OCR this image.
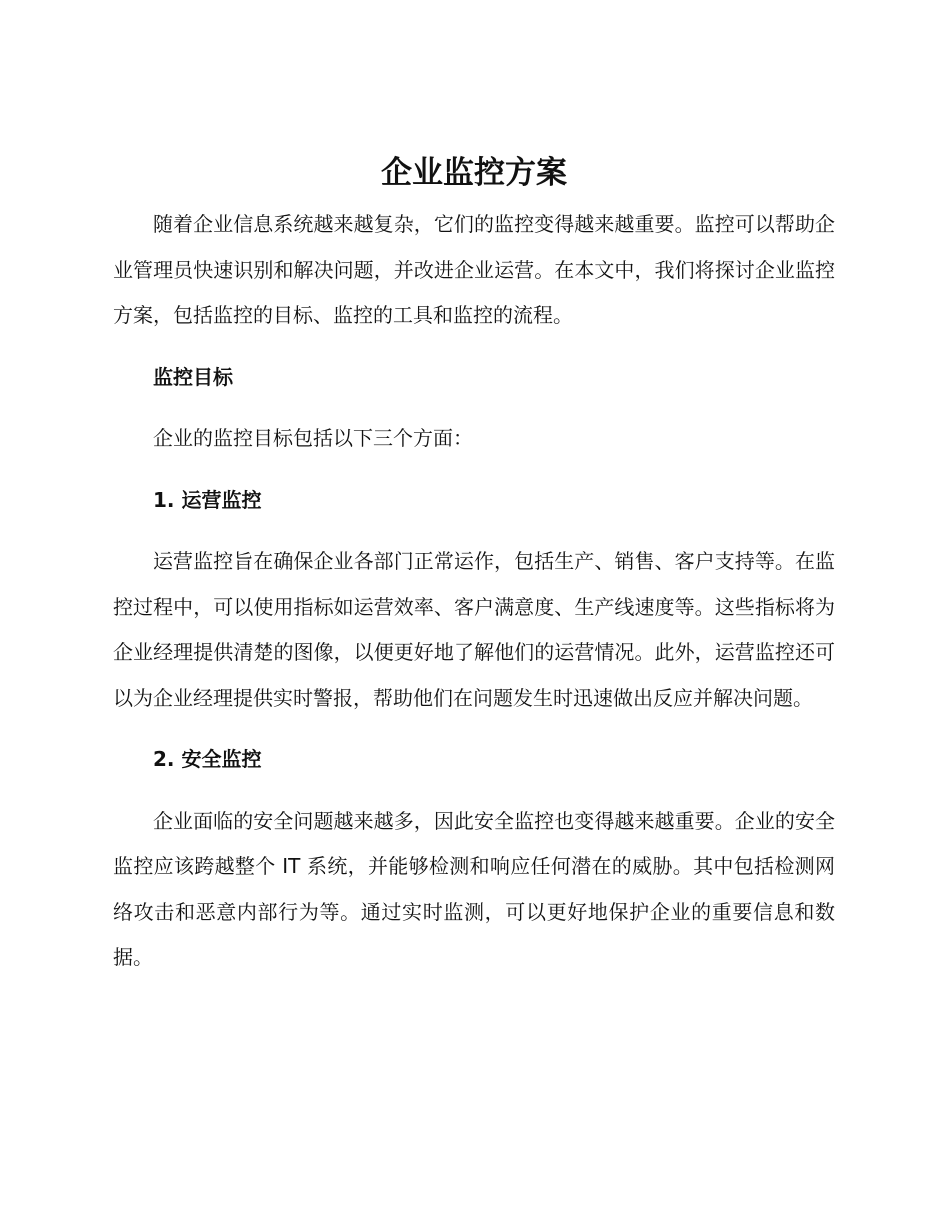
企业监控方案

随着企业信息系统越来越复杂，它们的监控变得越来越重要。监控可以帮助企业管理员快速识别和解决问题，并改进企业运营。在本文中，我们将探讨企业监控方案，包括监控的目标、监控的工具和监控的流程。

监控目标

企业的监控目标包括以下三个方面：

1. 运营监控

运营监控旨在确保企业各部门正常运作，包括生产、销售、客户支持等。在监控过程中，可以使用指标如运营效率、客户满意度、生产线速度等。这些指标将为企业经理提供清楚的图像，以便更好地了解他们的运营情况。此外，运营监控还可以为企业经理提供实时警报，帮助他们在问题发生时迅速做出反应并解决问题。

2. 安全监控

企业面临的安全问题越来越多，因此安全监控也变得越来越重要。企业的安全监控应该跨越整个 IT 系统，并能够检测和响应任何潜在的威胁。其中包括检测网络攻击和恶意内部行为等。通过实时监测，可以更好地保护企业的重要信息和数据。
